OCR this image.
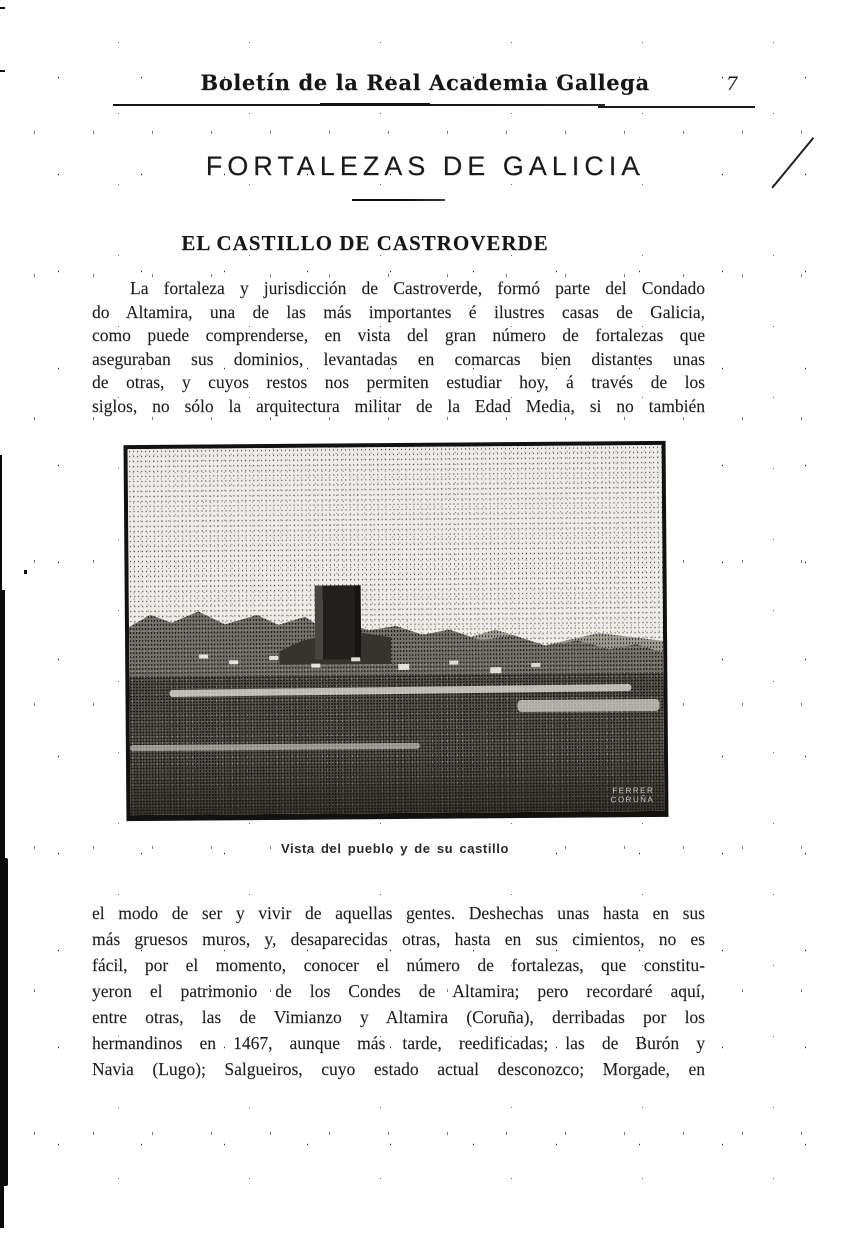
Boletín de la Real Academia Gallega	7
FORTALEZAS DE GALICIA
EL CASTILLO DE CASTROVERDE
La fortaleza y jurisdicción de Castroverde, formó parte del Condado
do Altamira, una de las más importantes é ilustres casas de Galicia,
como puede comprenderse, en vista del gran número de fortalezas que
aseguraban sus dominios, levantadas en comarcas bien distantes unas
de otras, y cuyos restos nos permiten estudiar hoy, á través de los
siglos, no sólo la arquitectura militar de la Edad Media, si no también
FERRER
CORUÑA
Vista del pueblo y de su castillo
el modo de ser y vivir de aquellas gentes. Deshechas unas hasta en sus
más gruesos muros, y, desaparecidas otras, hasta en sus cimientos, no es
fácil, por el momento, conocer el número de fortalezas, que constitu-
yeron el patrimonio de los Condes de Altamira; pero recordaré aquí,
entre otras, las de Vimianzo y Altamira (Coruña), derribadas por los
hermandinos en 1467, aunque más tarde, reedificadas; las de Burón y
Navia (Lugo); Salgueiros, cuyo estado actual desconozco; Morgade, en
